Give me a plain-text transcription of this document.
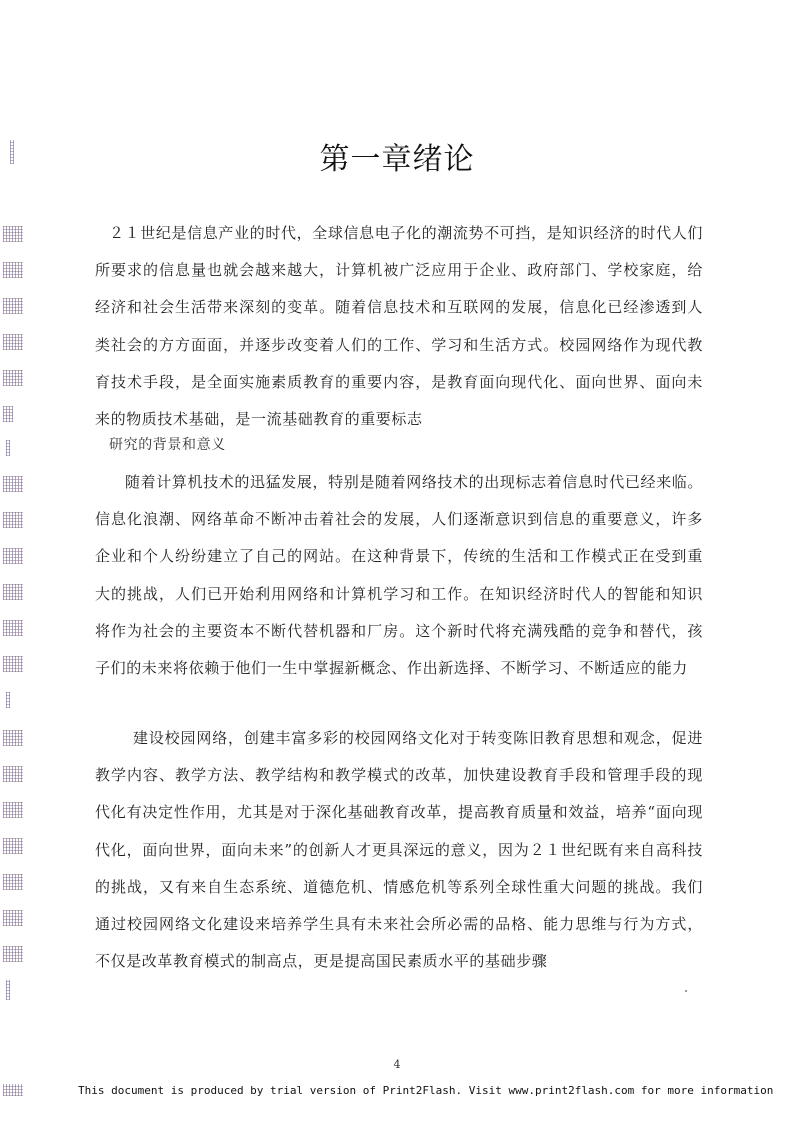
第一章绪论
２１世纪是信息产业的时代，全球信息电子化的潮流势不可挡，是知识经济的时代人们所要求的信息量也就会越来越大，计算机被广泛应用于企业、政府部门、学校家庭，给经济和社会生活带来深刻的变革。随着信息技术和互联网的发展，信息化已经渗透到人类社会的方方面面，并逐步改变着人们的工作、学习和生活方式。校园网络作为现代教育技术手段，是全面实施素质教育的重要内容，是教育面向现代化、面向世界、面向未来的物质技术基础，是一流基础教育的重要标志
研究的背景和意义
随着计算机技术的迅猛发展，特别是随着网络技术的出现标志着信息时代已经来临。信息化浪潮、网络革命不断冲击着社会的发展，人们逐渐意识到信息的重要意义，许多企业和个人纷纷建立了自己的网站。在这种背景下，传统的生活和工作模式正在受到重大的挑战，人们已开始利用网络和计算机学习和工作。在知识经济时代人的智能和知识将作为社会的主要资本不断代替机器和厂房。这个新时代将充满残酷的竞争和替代，孩子们的未来将依赖于他们一生中掌握新概念、作出新选择、不断学习、不断适应的能力
建设校园网络，创建丰富多彩的校园网络文化对于转变陈旧教育思想和观念，促进教学内容、教学方法、教学结构和教学模式的改革，加快建设教育手段和管理手段的现代化有决定性作用，尤其是对于深化基础教育改革，提高教育质量和效益，培养“面向现代化，面向世界，面向未来”的创新人才更具深远的意义，因为２１世纪既有来自高科技的挑战，又有来自生态系统、道德危机、情感危机等系列全球性重大问题的挑战。我们通过校园网络文化建设来培养学生具有未来社会所必需的品格、能力思维与行为方式，不仅是改革教育模式的制高点，更是提高国民素质水平的基础步骤
4
This document is produced by trial version of Print2Flash. Visit www.print2flash.com for more information
